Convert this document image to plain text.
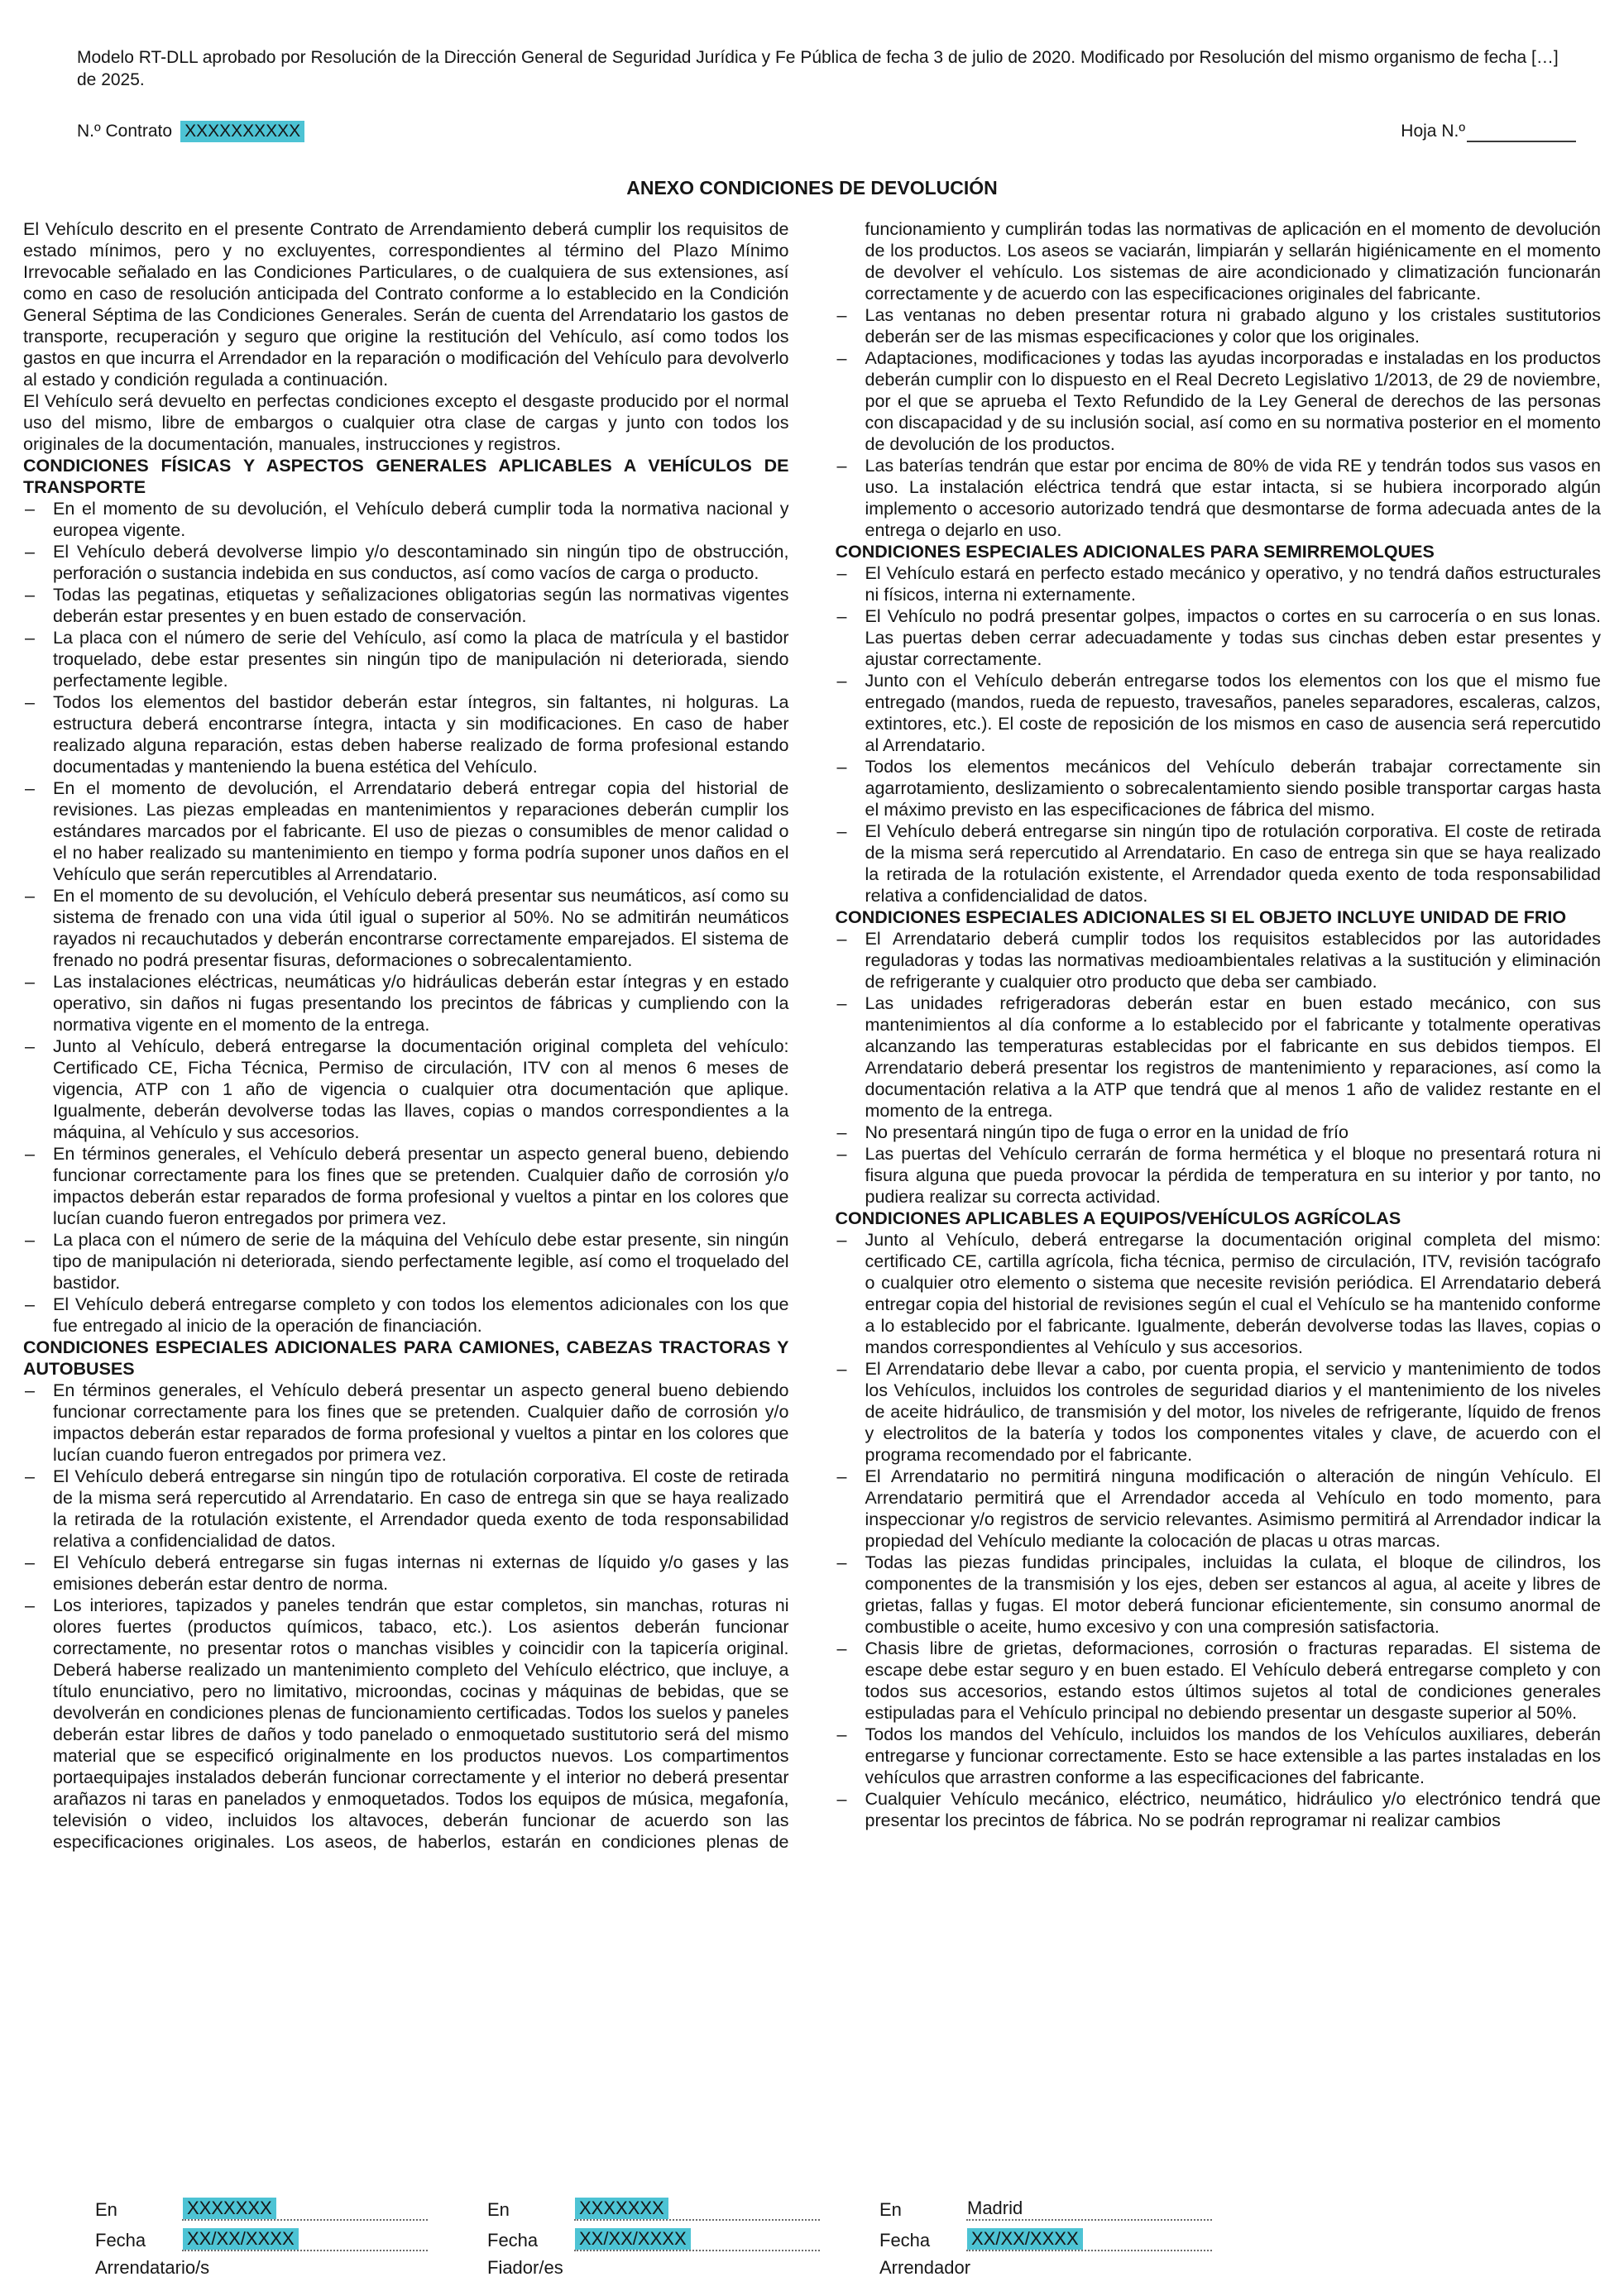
Modelo RT-DLL aprobado por Resolución de la Dirección General de Seguridad Jurídica y Fe Pública de fecha 3 de julio de 2020. Modificado por Resolución del mismo organismo de fecha […] de 2025.
N.º Contrato XXXXXXXXXX	Hoja N.º
ANEXO CONDICIONES DE DEVOLUCIÓN
El Vehículo descrito en el presente Contrato de Arrendamiento deberá cumplir los requisitos de estado mínimos, pero y no excluyentes, correspondientes al término del Plazo Mínimo Irrevocable señalado en las Condiciones Particulares, o de cualquiera de sus extensiones, así como en caso de resolución anticipada del Contrato conforme a lo establecido en la Condición General Séptima de las Condiciones Generales. Serán de cuenta del Arrendatario los gastos de transporte, recuperación y seguro que origine la restitución del Vehículo, así como todos los gastos en que incurra el Arrendador en la reparación o modificación del Vehículo para devolverlo al estado y condición regulada a continuación.
El Vehículo será devuelto en perfectas condiciones excepto el desgaste producido por el normal uso del mismo, libre de embargos o cualquier otra clase de cargas y junto con todos los originales de la documentación, manuales, instrucciones y registros.
CONDICIONES FÍSICAS Y ASPECTOS GENERALES APLICABLES A VEHÍCULOS DE TRANSPORTE
– En el momento de su devolución, el Vehículo deberá cumplir toda la normativa nacional y europea vigente.
– El Vehículo deberá devolverse limpio y/o descontaminado sin ningún tipo de obstrucción, perforación o sustancia indebida en sus conductos, así como vacíos de carga o producto.
– Todas las pegatinas, etiquetas y señalizaciones obligatorias según las normativas vigentes deberán estar presentes y en buen estado de conservación.
– La placa con el número de serie del Vehículo, así como la placa de matrícula y el bastidor troquelado, debe estar presentes sin ningún tipo de manipulación ni deteriorada, siendo perfectamente legible.
– Todos los elementos del bastidor deberán estar íntegros, sin faltantes, ni holguras. La estructura deberá encontrarse íntegra, intacta y sin modificaciones. En caso de haber realizado alguna reparación, estas deben haberse realizado de forma profesional estando documentadas y manteniendo la buena estética del Vehículo.
– En el momento de devolución, el Arrendatario deberá entregar copia del historial de revisiones. Las piezas empleadas en mantenimientos y reparaciones deberán cumplir los estándares marcados por el fabricante. El uso de piezas o consumibles de menor calidad o el no haber realizado su mantenimiento en tiempo y forma podría suponer unos daños en el Vehículo que serán repercutibles al Arrendatario.
– En el momento de su devolución, el Vehículo deberá presentar sus neumáticos, así como su sistema de frenado con una vida útil igual o superior al 50%. No se admitirán neumáticos rayados ni recauchutados y deberán encontrarse correctamente emparejados. El sistema de frenado no podrá presentar fisuras, deformaciones o sobrecalentamiento.
– Las instalaciones eléctricas, neumáticas y/o hidráulicas deberán estar íntegras y en estado operativo, sin daños ni fugas presentando los precintos de fábricas y cumpliendo con la normativa vigente en el momento de la entrega.
– Junto al Vehículo, deberá entregarse la documentación original completa del vehículo: Certificado CE, Ficha Técnica, Permiso de circulación, ITV con al menos 6 meses de vigencia, ATP con 1 año de vigencia o cualquier otra documentación que aplique. Igualmente, deberán devolverse todas las llaves, copias o mandos correspondientes a la máquina, al Vehículo y sus accesorios.
– En términos generales, el Vehículo deberá presentar un aspecto general bueno, debiendo funcionar correctamente para los fines que se pretenden. Cualquier daño de corrosión y/o impactos deberán estar reparados de forma profesional y vueltos a pintar en los colores que lucían cuando fueron entregados por primera vez.
– La placa con el número de serie de la máquina del Vehículo debe estar presente, sin ningún tipo de manipulación ni deteriorada, siendo perfectamente legible, así como el troquelado del bastidor.
– El Vehículo deberá entregarse completo y con todos los elementos adicionales con los que fue entregado al inicio de la operación de financiación.
CONDICIONES ESPECIALES ADICIONALES PARA CAMIONES, CABEZAS TRACTORAS Y AUTOBUSES
– En términos generales, el Vehículo deberá presentar un aspecto general bueno debiendo funcionar correctamente para los fines que se pretenden. Cualquier daño de corrosión y/o impactos deberán estar reparados de forma profesional y vueltos a pintar en los colores que lucían cuando fueron entregados por primera vez.
– El Vehículo deberá entregarse sin ningún tipo de rotulación corporativa. El coste de retirada de la misma será repercutido al Arrendatario. En caso de entrega sin que se haya realizado la retirada de la rotulación existente, el Arrendador queda exento de toda responsabilidad relativa a confidencialidad de datos.
– El Vehículo deberá entregarse sin fugas internas ni externas de líquido y/o gases y las emisiones deberán estar dentro de norma.
– Los interiores, tapizados y paneles tendrán que estar completos, sin manchas, roturas ni olores fuertes (productos químicos, tabaco, etc.). Los asientos deberán funcionar correctamente, no presentar rotos o manchas visibles y coincidir con la tapicería original. Deberá haberse realizado un mantenimiento completo del Vehículo eléctrico, que incluye, a título enunciativo, pero no limitativo, microondas, cocinas y máquinas de bebidas, que se devolverán en condiciones plenas de funcionamiento certificadas. Todos los suelos y paneles deberán estar libres de daños y todo panelado o enmoquetado sustitutorio será del mismo material que se especificó originalmente en los productos nuevos. Los compartimentos portaequipajes instalados deberán funcionar correctamente y el interior no deberá presentar arañazos ni taras en panelados y enmoquetados. Todos los equipos de música, megafonía, televisión o video, incluidos los altavoces, deberán funcionar de acuerdo son las especificaciones originales. Los aseos, de haberlos, estarán en condiciones plenas de funcionamiento y cumplirán todas las normativas de aplicación en el momento de devolución de los productos. Los aseos se vaciarán, limpiarán y sellarán higiénicamente en el momento de devolver el vehículo. Los sistemas de aire acondicionado y climatización funcionarán correctamente y de acuerdo con las especificaciones originales del fabricante.
– Las ventanas no deben presentar rotura ni grabado alguno y los cristales sustitutorios deberán ser de las mismas especificaciones y color que los originales.
– Adaptaciones, modificaciones y todas las ayudas incorporadas e instaladas en los productos deberán cumplir con lo dispuesto en el Real Decreto Legislativo 1/2013, de 29 de noviembre, por el que se aprueba el Texto Refundido de la Ley General de derechos de las personas con discapacidad y de su inclusión social, así como en su normativa posterior en el momento de devolución de los productos.
– Las baterías tendrán que estar por encima de 80% de vida RE y tendrán todos sus vasos en uso. La instalación eléctrica tendrá que estar intacta, si se hubiera incorporado algún implemento o accesorio autorizado tendrá que desmontarse de forma adecuada antes de la entrega o dejarlo en uso.
CONDICIONES ESPECIALES ADICIONALES PARA SEMIRREMOLQUES
– El Vehículo estará en perfecto estado mecánico y operativo, y no tendrá daños estructurales ni físicos, interna ni externamente.
– El Vehículo no podrá presentar golpes, impactos o cortes en su carrocería o en sus lonas. Las puertas deben cerrar adecuadamente y todas sus cinchas deben estar presentes y ajustar correctamente.
– Junto con el Vehículo deberán entregarse todos los elementos con los que el mismo fue entregado (mandos, rueda de repuesto, travesaños, paneles separadores, escaleras, calzos, extintores, etc.). El coste de reposición de los mismos en caso de ausencia será repercutido al Arrendatario.
– Todos los elementos mecánicos del Vehículo deberán trabajar correctamente sin agarrotamiento, deslizamiento o sobrecalentamiento siendo posible transportar cargas hasta el máximo previsto en las especificaciones de fábrica del mismo.
– El Vehículo deberá entregarse sin ningún tipo de rotulación corporativa. El coste de retirada de la misma será repercutido al Arrendatario. En caso de entrega sin que se haya realizado la retirada de la rotulación existente, el Arrendador queda exento de toda responsabilidad relativa a confidencialidad de datos.
CONDICIONES ESPECIALES ADICIONALES SI EL OBJETO INCLUYE UNIDAD DE FRIO
– El Arrendatario deberá cumplir todos los requisitos establecidos por las autoridades reguladoras y todas las normativas medioambientales relativas a la sustitución y eliminación de refrigerante y cualquier otro producto que deba ser cambiado.
– Las unidades refrigeradoras deberán estar en buen estado mecánico, con sus mantenimientos al día conforme a lo establecido por el fabricante y totalmente operativas alcanzando las temperaturas establecidas por el fabricante en sus debidos tiempos. El Arrendatario deberá presentar los registros de mantenimiento y reparaciones, así como la documentación relativa a la ATP que tendrá que al menos 1 año de validez restante en el momento de la entrega.
– No presentará ningún tipo de fuga o error en la unidad de frío
– Las puertas del Vehículo cerrarán de forma hermética y el bloque no presentará rotura ni fisura alguna que pueda provocar la pérdida de temperatura en su interior y por tanto, no pudiera realizar su correcta actividad.
CONDICIONES APLICABLES A EQUIPOS/VEHÍCULOS AGRÍCOLAS
– Junto al Vehículo, deberá entregarse la documentación original completa del mismo: certificado CE, cartilla agrícola, ficha técnica, permiso de circulación, ITV, revisión tacógrafo o cualquier otro elemento o sistema que necesite revisión periódica. El Arrendatario deberá entregar copia del historial de revisiones según el cual el Vehículo se ha mantenido conforme a lo establecido por el fabricante. Igualmente, deberán devolverse todas las llaves, copias o mandos correspondientes al Vehículo y sus accesorios.
– El Arrendatario debe llevar a cabo, por cuenta propia, el servicio y mantenimiento de todos los Vehículos, incluidos los controles de seguridad diarios y el mantenimiento de los niveles de aceite hidráulico, de transmisión y del motor, los niveles de refrigerante, líquido de frenos y electrolitos de la batería y todos los componentes vitales y clave, de acuerdo con el programa recomendado por el fabricante.
– El Arrendatario no permitirá ninguna modificación o alteración de ningún Vehículo. El Arrendatario permitirá que el Arrendador acceda al Vehículo en todo momento, para inspeccionar y/o registros de servicio relevantes. Asimismo permitirá al Arrendador indicar la propiedad del Vehículo mediante la colocación de placas u otras marcas.
– Todas las piezas fundidas principales, incluidas la culata, el bloque de cilindros, los componentes de la transmisión y los ejes, deben ser estancos al agua, al aceite y libres de grietas, fallas y fugas. El motor deberá funcionar eficientemente, sin consumo anormal de combustible o aceite, humo excesivo y con una compresión satisfactoria.
– Chasis libre de grietas, deformaciones, corrosión o fracturas reparadas. El sistema de escape debe estar seguro y en buen estado. El Vehículo deberá entregarse completo y con todos sus accesorios, estando estos últimos sujetos al total de condiciones generales estipuladas para el Vehículo principal no debiendo presentar un desgaste superior al 50%.
– Todos los mandos del Vehículo, incluidos los mandos de los Vehículos auxiliares, deberán entregarse y funcionar correctamente. Esto se hace extensible a las partes instaladas en los vehículos que arrastren conforme a las especificaciones del fabricante.
– Cualquier Vehículo mecánico, eléctrico, neumático, hidráulico y/o electrónico tendrá que presentar los precintos de fábrica. No se podrán reprogramar ni realizar cambios
En	XXXXXXX
Fecha	XX/XX/XXXX
Arrendatario/s
En	XXXXXXX
Fecha	XX/XX/XXXX
Fiador/es
En	Madrid
Fecha	XX/XX/XXXX
Arrendador
